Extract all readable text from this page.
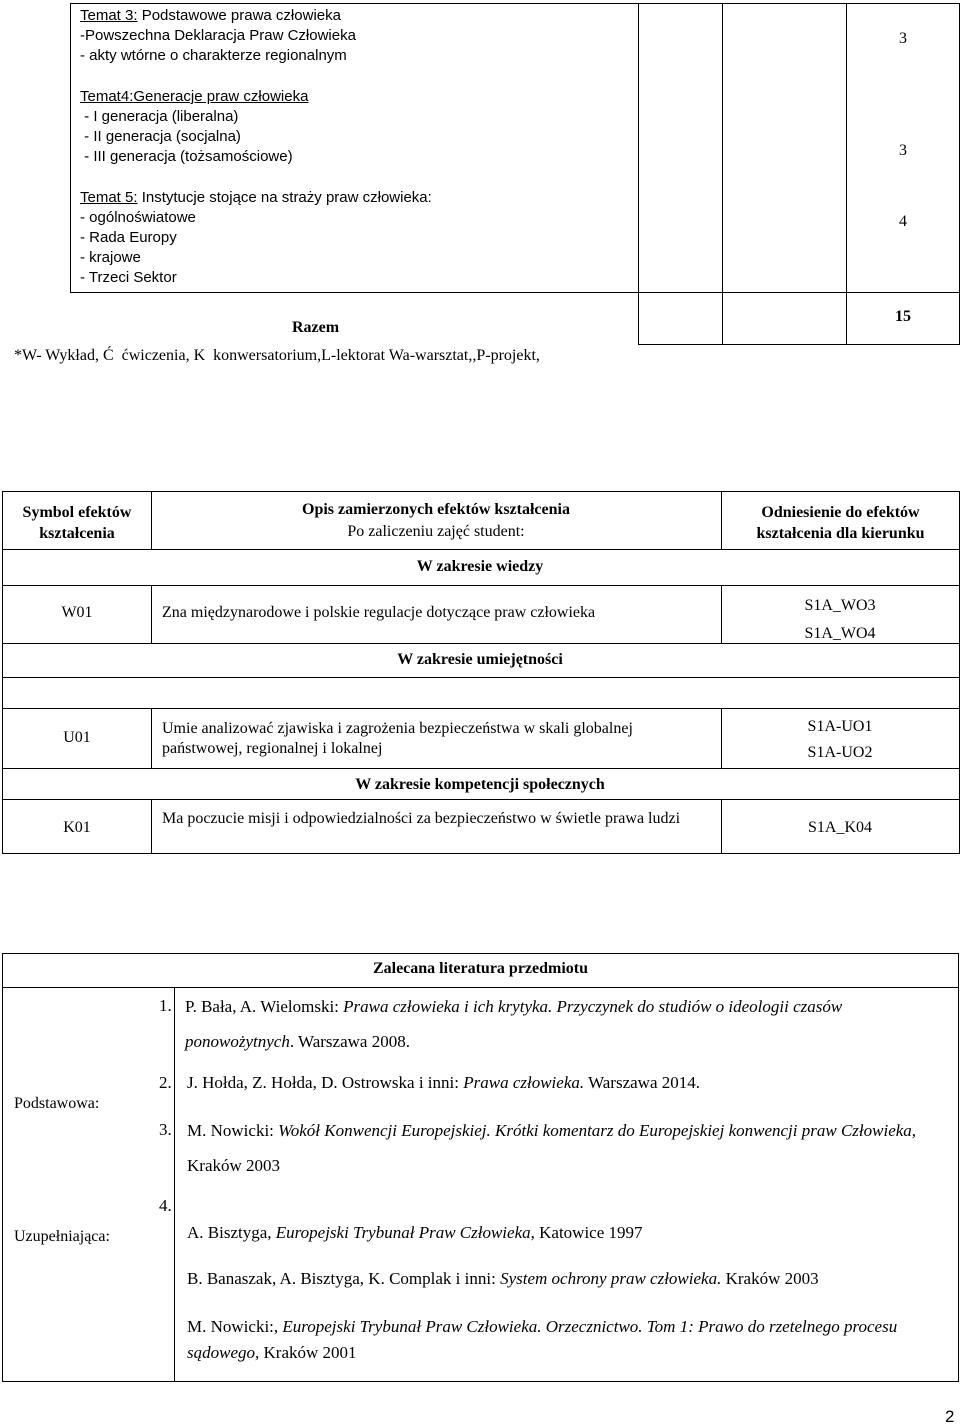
Temat 3: Podstawowe prawa człowieka
-Powszechna Deklaracja Praw Człowieka
- akty wtórne o charakterze regionalnym
Temat4:Generacje praw człowieka
- I generacja (liberalna)
- II generacja (socjalna)
- III generacja (tożsamościowe)
Temat 5: Instytucje stojące na straży praw człowieka:
- ogólnoświatowe
- Rada Europy
- krajowe
- Trzeci Sektor
3
3
4
Razem
15
*W- Wykład, Ć  ćwiczenia, K  konwersatorium,L-lektorat Wa-warsztat,,P-projekt,
Symbol efektów kształcenia
Opis zamierzonych efektów kształcenia
Po zaliczeniu zajęć student:
Odniesienie do efektów kształcenia dla kierunku
W zakresie wiedzy
W01	Zna międzynarodowe i polskie regulacje dotyczące praw człowieka	S1A_WO3
S1A_WO4
W zakresie umiejętności
U01
Umie analizować zjawiska i zagrożenia bezpieczeństwa w skali globalnej państwowej, regionalnej i lokalnej
S1A-UO1
S1A-UO2
W zakresie kompetencji społecznych
K01
Ma poczucie misji i odpowiedzialności za bezpieczeństwo w świetle prawa ludzi
S1A_K04
Zalecana literatura przedmiotu
Podstawowa:
Uzupełniająca:
1. P. Bała, A. Wielomski: Prawa człowieka i ich krytyka. Przyczynek do studiów o ideologii czasów ponowożytnych. Warszawa 2008.
2. J. Hołda, Z. Hołda, D. Ostrowska i inni: Prawa człowieka. Warszawa 2014.
3. M. Nowicki: Wokół Konwencji Europejskiej. Krótki komentarz do Europejskiej konwencji praw Człowieka, Kraków 2003
4.
A. Bisztyga, Europejski Trybunał Praw Człowieka, Katowice 1997
B. Banaszak, A. Bisztyga, K. Complak i inni: System ochrony praw człowieka. Kraków 2003
M. Nowicki:, Europejski Trybunał Praw Człowieka. Orzecznictwo. Tom 1: Prawo do rzetelnego procesu sądowego, Kraków 2001
2
